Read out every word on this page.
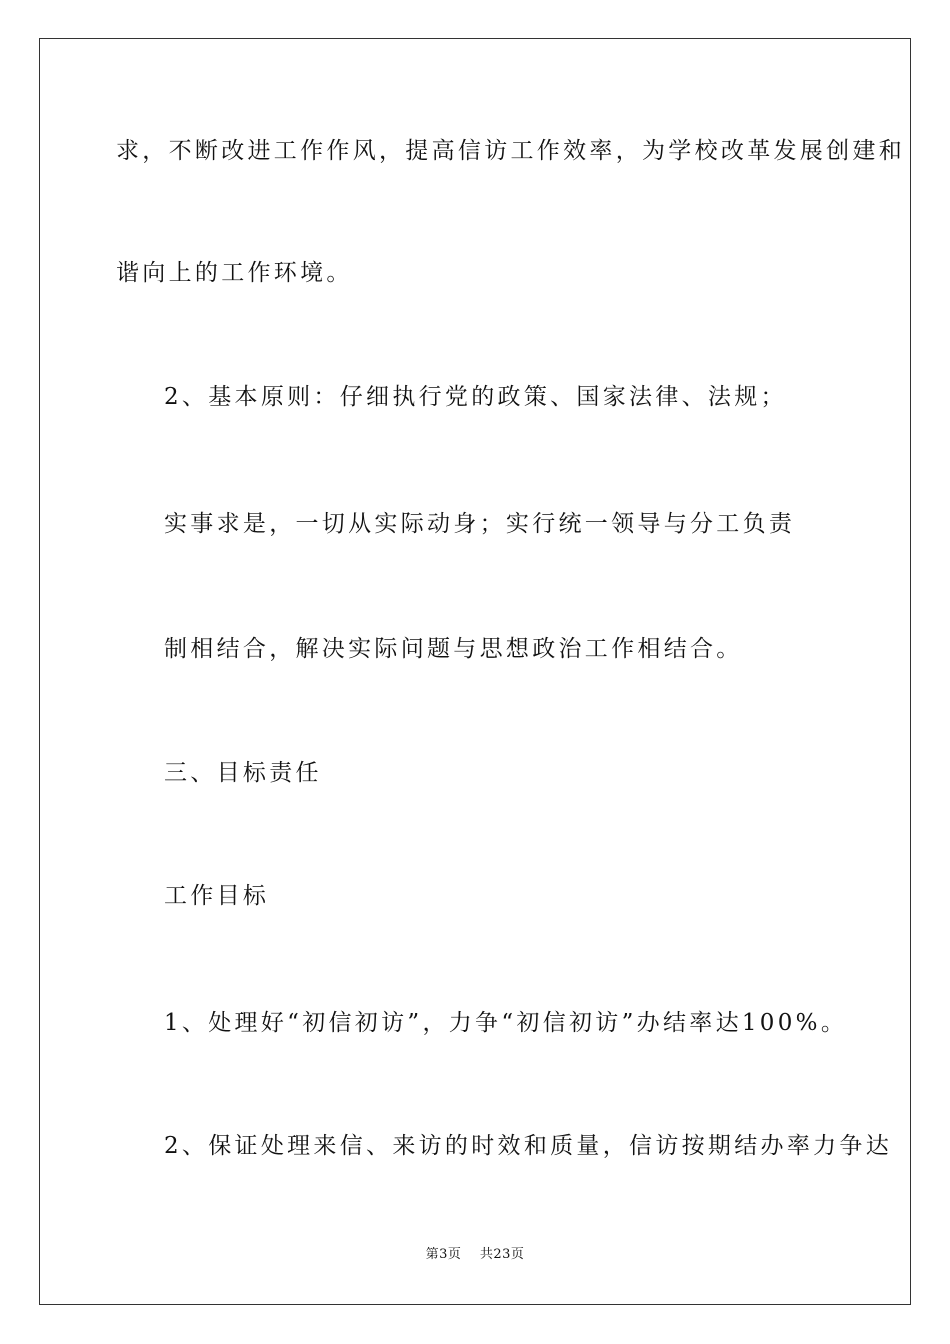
求，不断改进工作作风，提高信访工作效率，为学校改革发展创建和
谐向上的工作环境。
2、基本原则：仔细执行党的政策、国家法律、法规；
实事求是，一切从实际动身；实行统一领导与分工负责
制相结合，解决实际问题与思想政治工作相结合。
三、目标责任
工作目标
1、处理好“初信初访”，力争“初信初访”办结率达100%。
2、保证处理来信、来访的时效和质量，信访按期结办率力争达
第3页    共23页
